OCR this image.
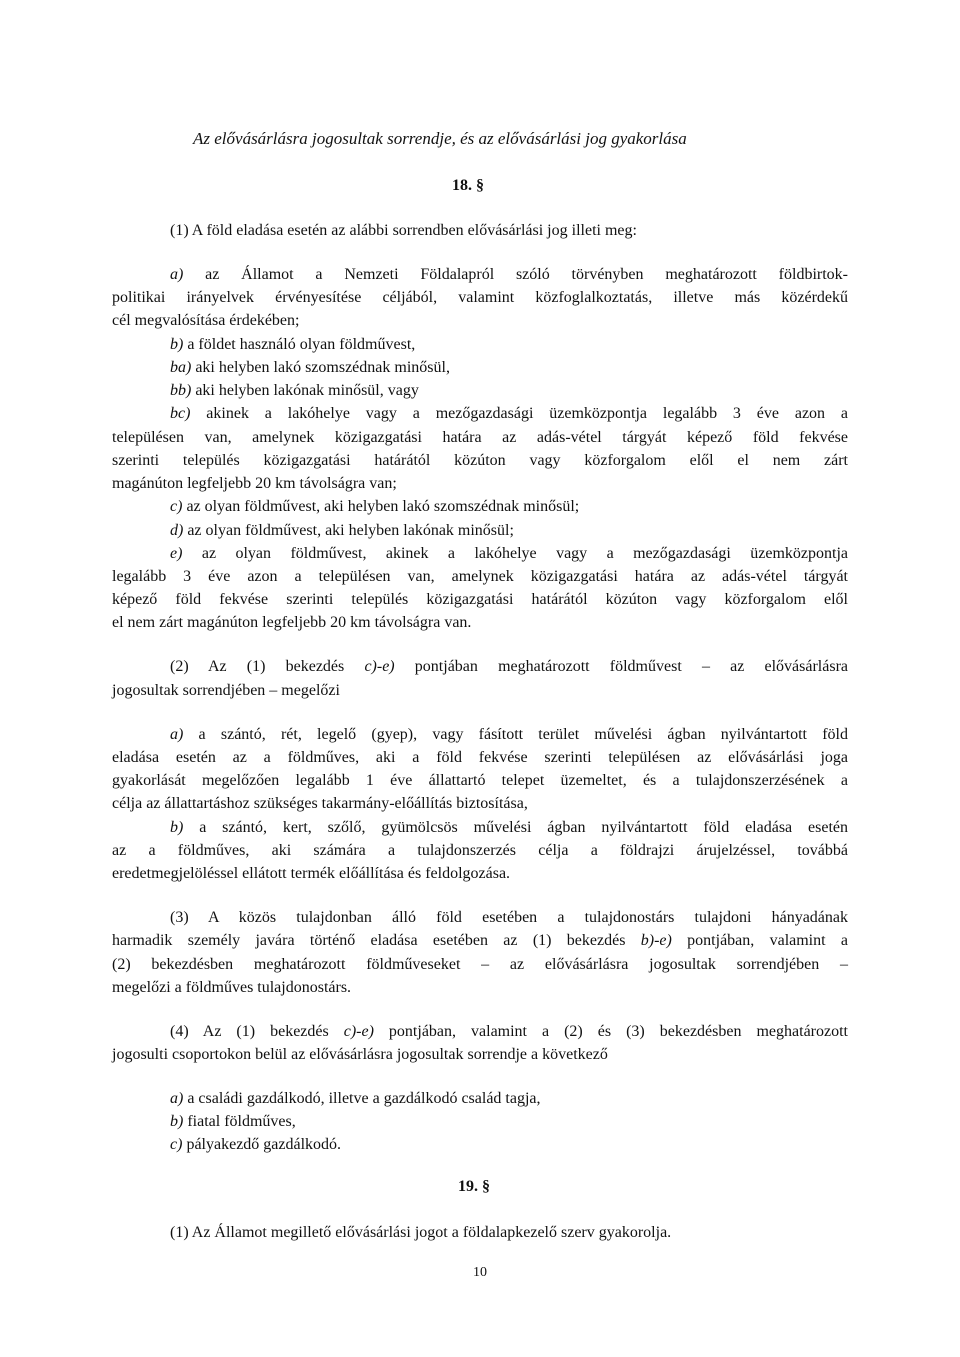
Az elővásárlásra jogosultak sorrendje, és az elővásárlási jog gyakorlása
18. §
(1) A föld eladása esetén az alábbi sorrendben elővásárlási jog illeti meg:
a) az Államot a Nemzeti Földalapról szóló törvényben meghatározott földbirtok-
politikai irányelvek érvényesítése céljából, valamint közfoglalkoztatás, illetve más közérdekű
cél megvalósítása érdekében;
b) a földet használó olyan földművest,
ba) aki helyben lakó szomszédnak minősül,
bb) aki helyben lakónak minősül, vagy
bc) akinek a lakóhelye vagy a mezőgazdasági üzemközpontja legalább 3 éve azon a
településen van, amelynek közigazgatási határa az adás-vétel tárgyát képező föld fekvése
szerinti település közigazgatási határától közúton vagy közforgalom elől el nem zárt
magánúton legfeljebb 20 km távolságra van;
c) az olyan földművest, aki helyben lakó szomszédnak minősül;
d) az olyan földművest, aki helyben lakónak minősül;
e) az olyan földművest, akinek a lakóhelye vagy a mezőgazdasági üzemközpontja
legalább 3 éve azon a településen van, amelynek közigazgatási határa az adás-vétel tárgyát
képező föld fekvése szerinti település közigazgatási határától közúton vagy közforgalom elől
el nem zárt magánúton legfeljebb 20 km távolságra van.
(2) Az (1) bekezdés c)-e) pontjában meghatározott földművest – az elővásárlásra
jogosultak sorrendjében – megelőzi
a) a szántó, rét, legelő (gyep), vagy fásított terület művelési ágban nyilvántartott föld
eladása esetén az a földműves, aki a föld fekvése szerinti településen az elővásárlási joga
gyakorlását megelőzően legalább 1 éve állattartó telepet üzemeltet, és a tulajdonszerzésének a
célja az állattartáshoz szükséges takarmány-előállítás biztosítása,
b) a szántó, kert, szőlő, gyümölcsös művelési ágban nyilvántartott föld eladása esetén
az a földműves, aki számára a tulajdonszerzés célja a földrajzi árujelzéssel, továbbá
eredetmegjelöléssel ellátott termék előállítása és feldolgozása.
(3) A közös tulajdonban álló föld esetében a tulajdonostárs tulajdoni hányadának
harmadik személy javára történő eladása esetében az (1) bekezdés b)-e) pontjában, valamint a
(2) bekezdésben meghatározott földműveseket – az elővásárlásra jogosultak sorrendjében –
megelőzi a földműves tulajdonostárs.
(4) Az (1) bekezdés c)-e) pontjában, valamint a (2) és (3) bekezdésben meghatározott
jogosulti csoportokon belül az elővásárlásra jogosultak sorrendje a következő
a) a családi gazdálkodó, illetve a gazdálkodó család tagja,
b) fiatal földműves,
c) pályakezdő gazdálkodó.
19. §
(1) Az Államot megillető elővásárlási jogot a földalapkezelő szerv gyakorolja.
10
